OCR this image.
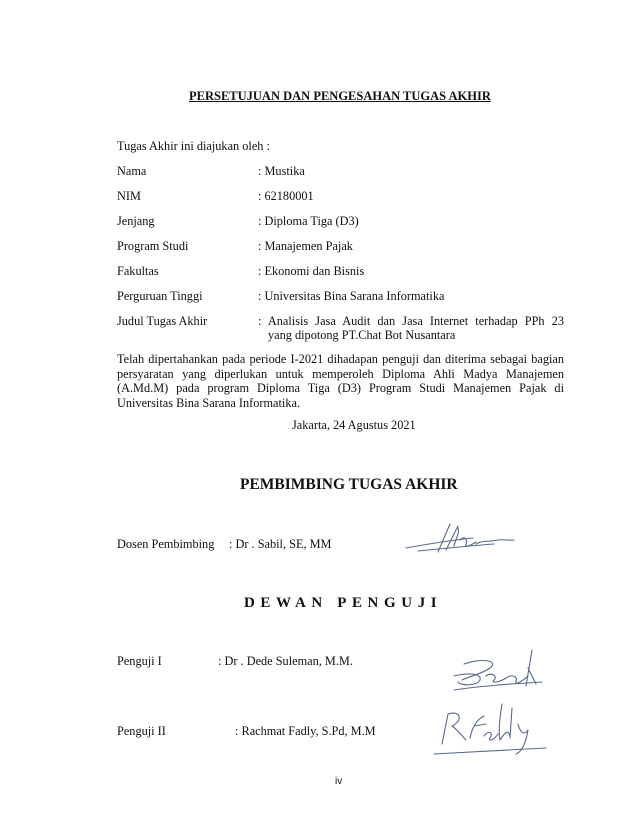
PERSETUJUAN DAN PENGESAHAN TUGAS AKHIR
Tugas Akhir ini diajukan oleh :
Nama	: Mustika
NIM	: 62180001
Jenjang	: Diploma Tiga (D3)
Program Studi	: Manajemen Pajak
Fakultas	: Ekonomi dan Bisnis
Perguruan Tinggi	: Universitas Bina Sarana Informatika
Judul Tugas Akhir	: Analisis Jasa Audit dan Jasa Internet terhadap PPh 23
yang dipotong PT.Chat Bot Nusantara
Telah dipertahankan pada periode I-2021 dihadapan penguji dan diterima sebagai bagian persyaratan yang diperlukan untuk memperoleh Diploma Ahli Madya Manajemen (A.Md.M) pada program Diploma Tiga (D3) Program Studi Manajemen Pajak di Universitas Bina Sarana Informatika.
Jakarta, 24 Agustus 2021
PEMBIMBING TUGAS AKHIR
Dosen Pembimbing : Dr . Sabil, SE, MM
DEWAN PENGUJI
Penguji I	: Dr . Dede Suleman, M.M.
Penguji II	: Rachmat Fadly, S.Pd, M.M
iv
